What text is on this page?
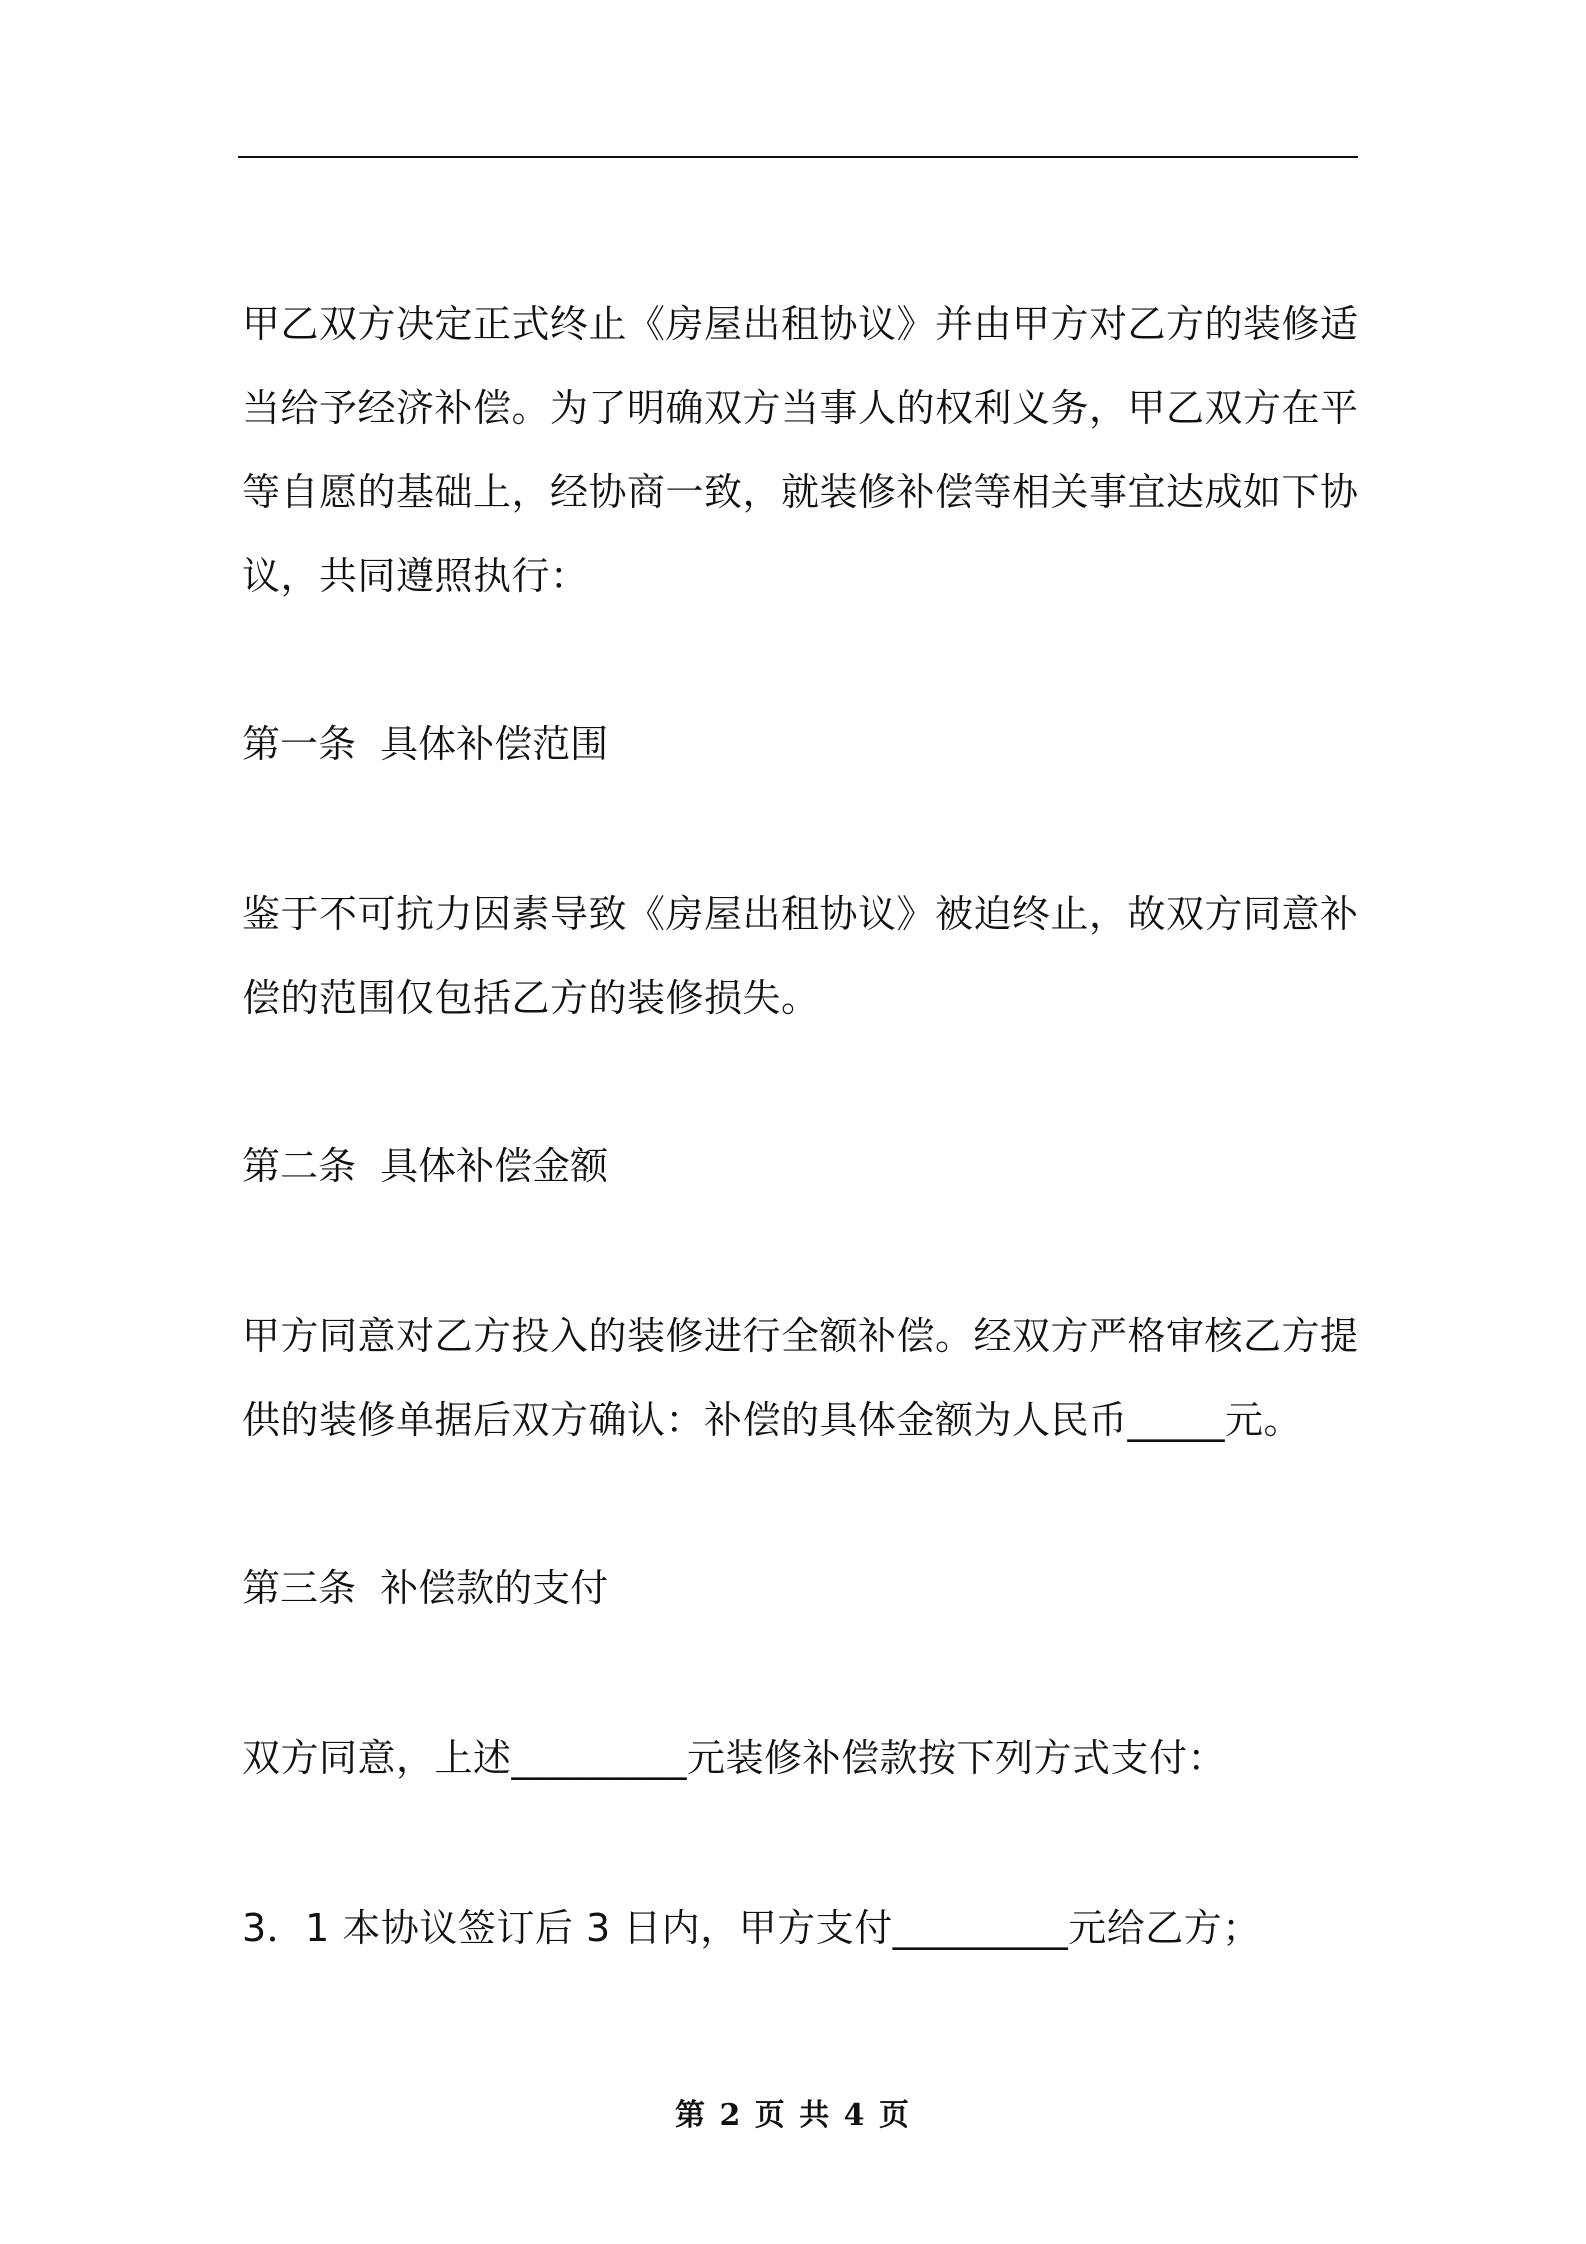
甲乙双方决定正式终止《房屋出租协议》并由甲方对乙方的装修适当给予经济补偿。为了明确双方当事人的权利义务，甲乙双方在平等自愿的基础上，经协商一致，就装修补偿等相关事宜达成如下协议，共同遵照执行：

第一条  具体补偿范围

鉴于不可抗力因素导致《房屋出租协议》被迫终止，故双方同意补偿的范围仅包括乙方的装修损失。

第二条  具体补偿金额

甲方同意对乙方投入的装修进行全额补偿。经双方严格审核乙方提供的装修单据后双方确认：补偿的具体金额为人民币_____元。

第三条  补偿款的支付

双方同意，上述_________元装修补偿款按下列方式支付：

3．1 本协议签订后 3 日内，甲方支付_________元给乙方；

第 2 页 共 4 页
